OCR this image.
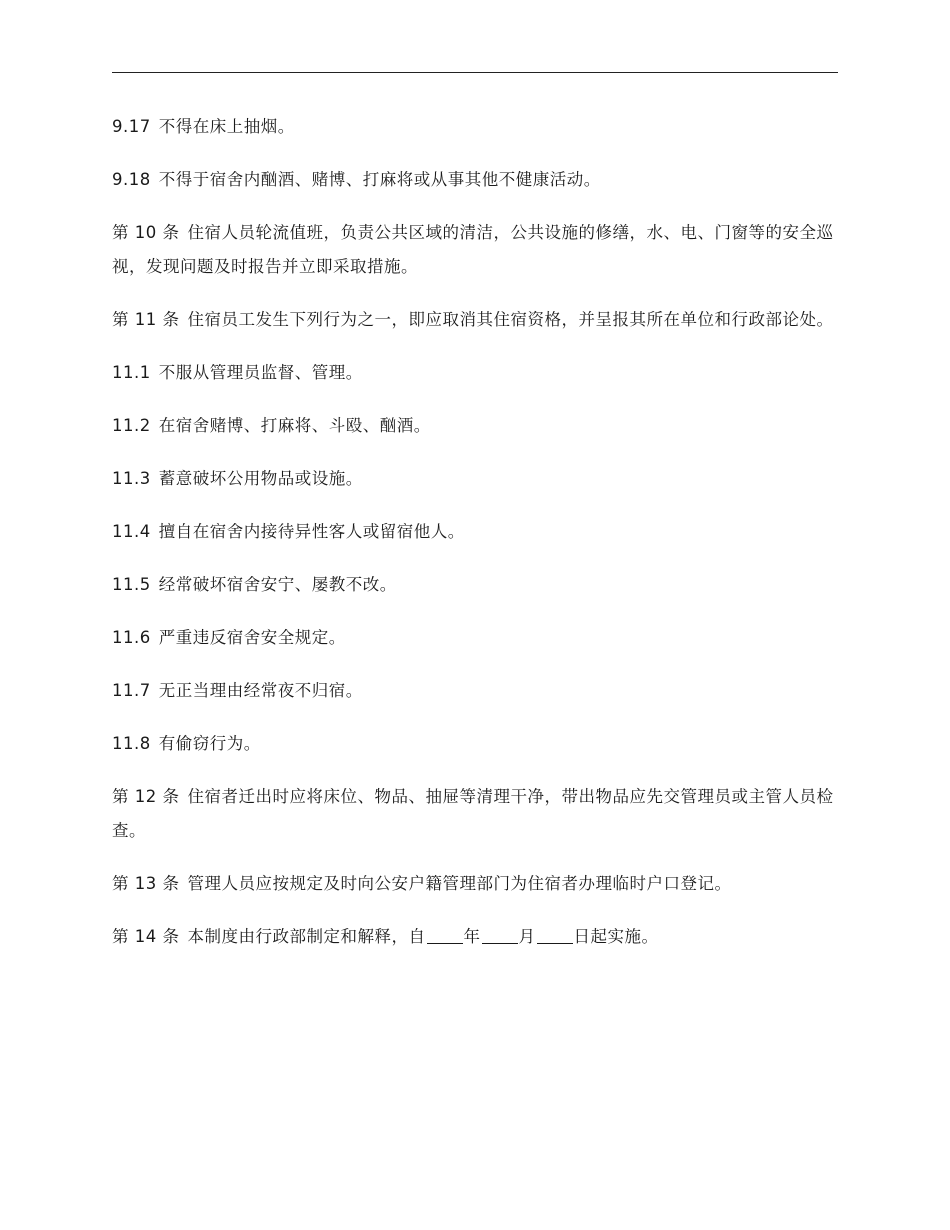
9.17 不得在床上抽烟。

9.18 不得于宿舍内酗酒、赌博、打麻将或从事其他不健康活动。

第 10 条 住宿人员轮流值班，负责公共区域的清洁，公共设施的修缮，水、电、门窗等的安全巡视，发现问题及时报告并立即采取措施。

第 11 条 住宿员工发生下列行为之一，即应取消其住宿资格，并呈报其所在单位和行政部论处。

11.1 不服从管理员监督、管理。

11.2 在宿舍赌博、打麻将、斗殴、酗酒。

11.3 蓄意破坏公用物品或设施。

11.4 擅自在宿舍内接待异性客人或留宿他人。

11.5 经常破坏宿舍安宁、屡教不改。

11.6 严重违反宿舍安全规定。

11.7 无正当理由经常夜不归宿。

11.8 有偷窃行为。

第 12 条 住宿者迁出时应将床位、物品、抽屉等清理干净，带出物品应先交管理员或主管人员检查。

第 13 条 管理人员应按规定及时向公安户籍管理部门为住宿者办理临时户口登记。

第 14 条 本制度由行政部制定和解释，自 年 月 日起实施。
